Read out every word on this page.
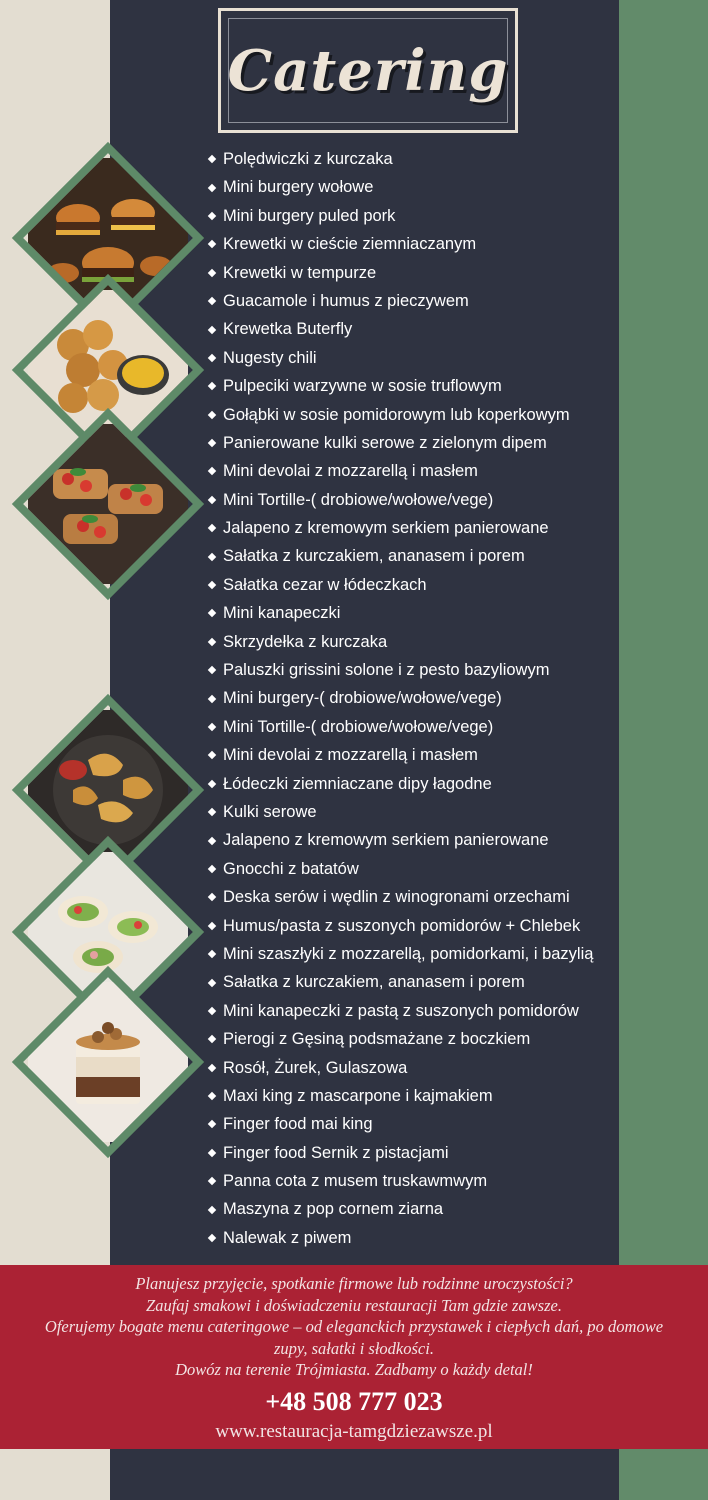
Catering
Polędwiczki z kurczaka
Mini burgery wołowe
Mini burgery puled pork
Krewetki w cieście ziemniaczanym
Krewetki w tempurze
Guacamole i humus z pieczywem
Krewetka Buterfly
Nugesty chili
Pulpeciki warzywne w sosie truflowym
Gołąbki w sosie pomidorowym lub koperkowym
Panierowane kulki serowe z zielonym dipem
Mini devolai z mozzarellą i masłem
Mini Tortille-( drobiowe/wołowe/vege)
Jalapeno z kremowym serkiem panierowane
Sałatka z kurczakiem, ananasem i porem
Sałatka cezar w łódeczkach
Mini kanapeczki
Skrzydełka z kurczaka
Paluszki grissini solone i z pesto bazyliowym
Mini burgery-( drobiowe/wołowe/vege)
Mini Tortille-( drobiowe/wołowe/vege)
Mini devolai z mozzarellą i masłem
Łódeczki ziemniaczane dipy łagodne
Kulki serowe
Jalapeno z kremowym serkiem panierowane
Gnocchi z batatów
Deska serów i wędlin z winogronami orzechami
Humus/pasta z suszonych pomidorów + Chlebek
Mini szaszłyki z mozzarellą, pomidorkami, i bazylią
Sałatka z kurczakiem, ananasem i porem
Mini kanapeczki z pastą z suszonych pomidorów
Pierogi z Gęsiną podsmażane z boczkiem
Rosół, Żurek, Gulaszowa
Maxi king z mascarpone i kajmakiem
Finger food mai king
Finger food Sernik z pistacjami
Panna cota z musem truskawmwym
Maszyna z pop cornem ziarna
Nalewak z piwem
Planujesz przyjęcie, spotkanie firmowe lub rodzinne uroczystości?
Zaufaj smakowi i doświadczeniu restauracji Tam gdzie zawsze.
Oferujemy bogate menu cateringowe – od eleganckich przystawek i ciepłych dań, po domowe
zupy, sałatki i słodkości.
Dowóz na terenie Trójmiasta. Zadbamy o każdy detal!
+48 508 777 023
www.restauracja-tamgdziezawsze.pl
